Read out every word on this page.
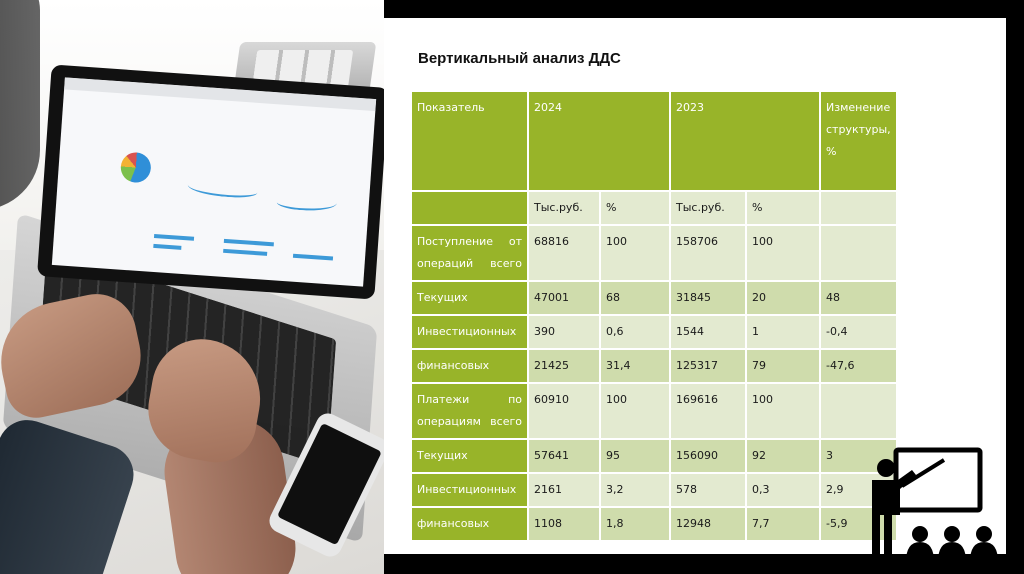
Вертикальный анализ ДДС
Показатель	2024		2023		Изменение структуры, %

	Тыс.руб.	%	Тыс.руб.	%	

Поступление от операций всего	68816	100	158706	100	
Текущих	47001	68	31845	20	48
Инвестиционных	390	0,6	1544	1	-0,4
финансовых	21425	31,4	125317	79	-47,6

Платежи по операциям всего	60910	100	169616	100	
Текущих	57641	95	156090	92	3
Инвестиционных	2161	3,2	578	0,3	2,9
финансовых	1108	1,8	12948	7,7	-5,9
